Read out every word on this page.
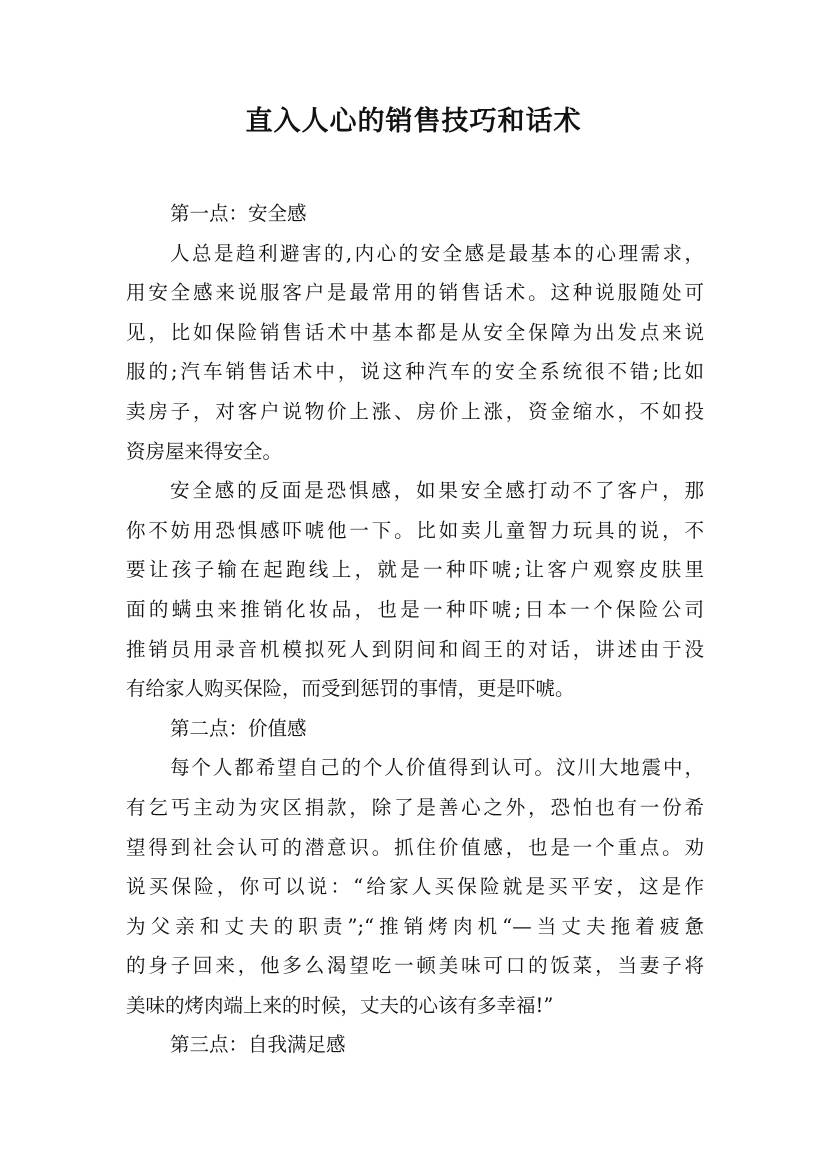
直入人心的销售技巧和话术
第一点：安全感
人总是趋利避害的,内心的安全感是最基本的心理需求，
用安全感来说服客户是最常用的销售话术。这种说服随处可
见，比如保险销售话术中基本都是从安全保障为出发点来说
服的;汽车销售话术中，说这种汽车的安全系统很不错;比如
卖房子，对客户说物价上涨、房价上涨，资金缩水，不如投
资房屋来得安全。
安全感的反面是恐惧感，如果安全感打动不了客户，那
你不妨用恐惧感吓唬他一下。比如卖儿童智力玩具的说，不
要让孩子输在起跑线上，就是一种吓唬;让客户观察皮肤里
面的螨虫来推销化妆品，也是一种吓唬;日本一个保险公司
推销员用录音机模拟死人到阴间和阎王的对话，讲述由于没
有给家人购买保险，而受到惩罚的事情，更是吓唬。
第二点：价值感
每个人都希望自己的个人价值得到认可。汶川大地震中，
有乞丐主动为灾区捐款，除了是善心之外，恐怕也有一份希
望得到社会认可的潜意识。抓住价值感，也是一个重点。劝
说买保险，你可以说：“给家人买保险就是买平安，这是作
为父亲和丈夫的职责”;“推销烤肉机“—当丈夫拖着疲惫
的身子回来，他多么渴望吃一顿美味可口的饭菜，当妻子将
美味的烤肉端上来的时候，丈夫的心该有多幸福!”
第三点：自我满足感
